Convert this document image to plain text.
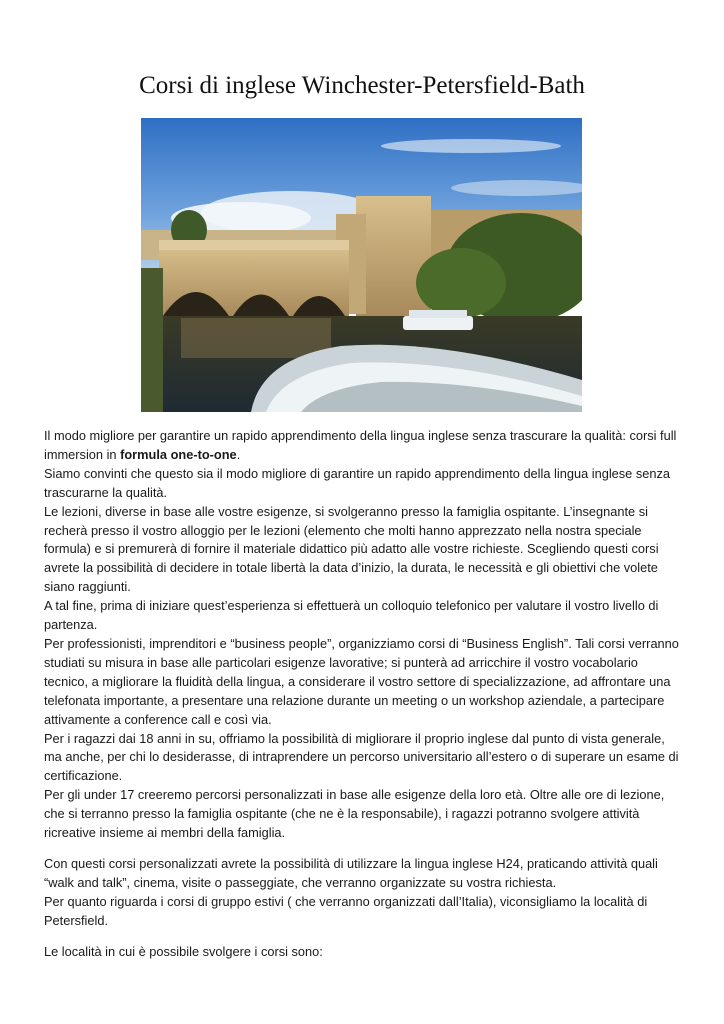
Corsi di inglese Winchester-Petersfield-Bath

Il modo migliore per garantire un rapido apprendimento della lingua inglese senza trascurare la qualità: corsi full immersion in formula one-to-one.

Siamo convinti che questo sia il modo migliore di garantire un rapido apprendimento della lingua inglese senza trascurarne la qualità.

Le lezioni, diverse in base alle vostre esigenze, si svolgeranno presso la famiglia ospitante. L’insegnante si recherà presso il vostro alloggio per le lezioni (elemento che molti hanno apprezzato nella nostra speciale formula) e si premurerà di fornire il materiale didattico più adatto alle vostre richieste. Scegliendo questi corsi avrete la possibilità di decidere in totale libertà la data d’inizio, la durata, le necessità e gli obiettivi che volete siano raggiunti.

A tal fine, prima di iniziare quest’esperienza si effettuerà un colloquio telefonico per valutare il vostro livello di partenza.

Per professionisti, imprenditori e “business people”, organizziamo corsi di “Business English”. Tali corsi verranno studiati su misura in base alle particolari esigenze lavorative; si punterà ad arricchire il vostro vocabolario tecnico, a migliorare la fluidità della lingua, a considerare il vostro settore di specializzazione, ad affrontare una telefonata importante, a presentare una relazione durante un meeting o un workshop aziendale, a partecipare attivamente a conference call e così via.

Per i ragazzi dai 18 anni in su, offriamo la possibilità di migliorare il proprio inglese dal punto di vista generale, ma anche, per chi lo desiderasse, di intraprendere un percorso universitario all’estero o di superare un esame di certificazione.

Per gli under 17 creeremo percorsi personalizzati in base alle esigenze della loro età. Oltre alle ore di lezione, che si terranno presso la famiglia ospitante (che ne è la responsabile), i ragazzi potranno svolgere attività ricreative insieme ai membri della famiglia.

Con questi corsi personalizzati avrete la possibilità di utilizzare la lingua inglese H24, praticando attività quali “walk and talk”, cinema, visite o passeggiate, che verranno organizzate su vostra richiesta.

Per quanto riguarda i corsi di gruppo estivi ( che verranno organizzati dall’Italia), viconsigliamo la località di Petersfield.

Le località in cui è possibile svolgere i corsi sono:
